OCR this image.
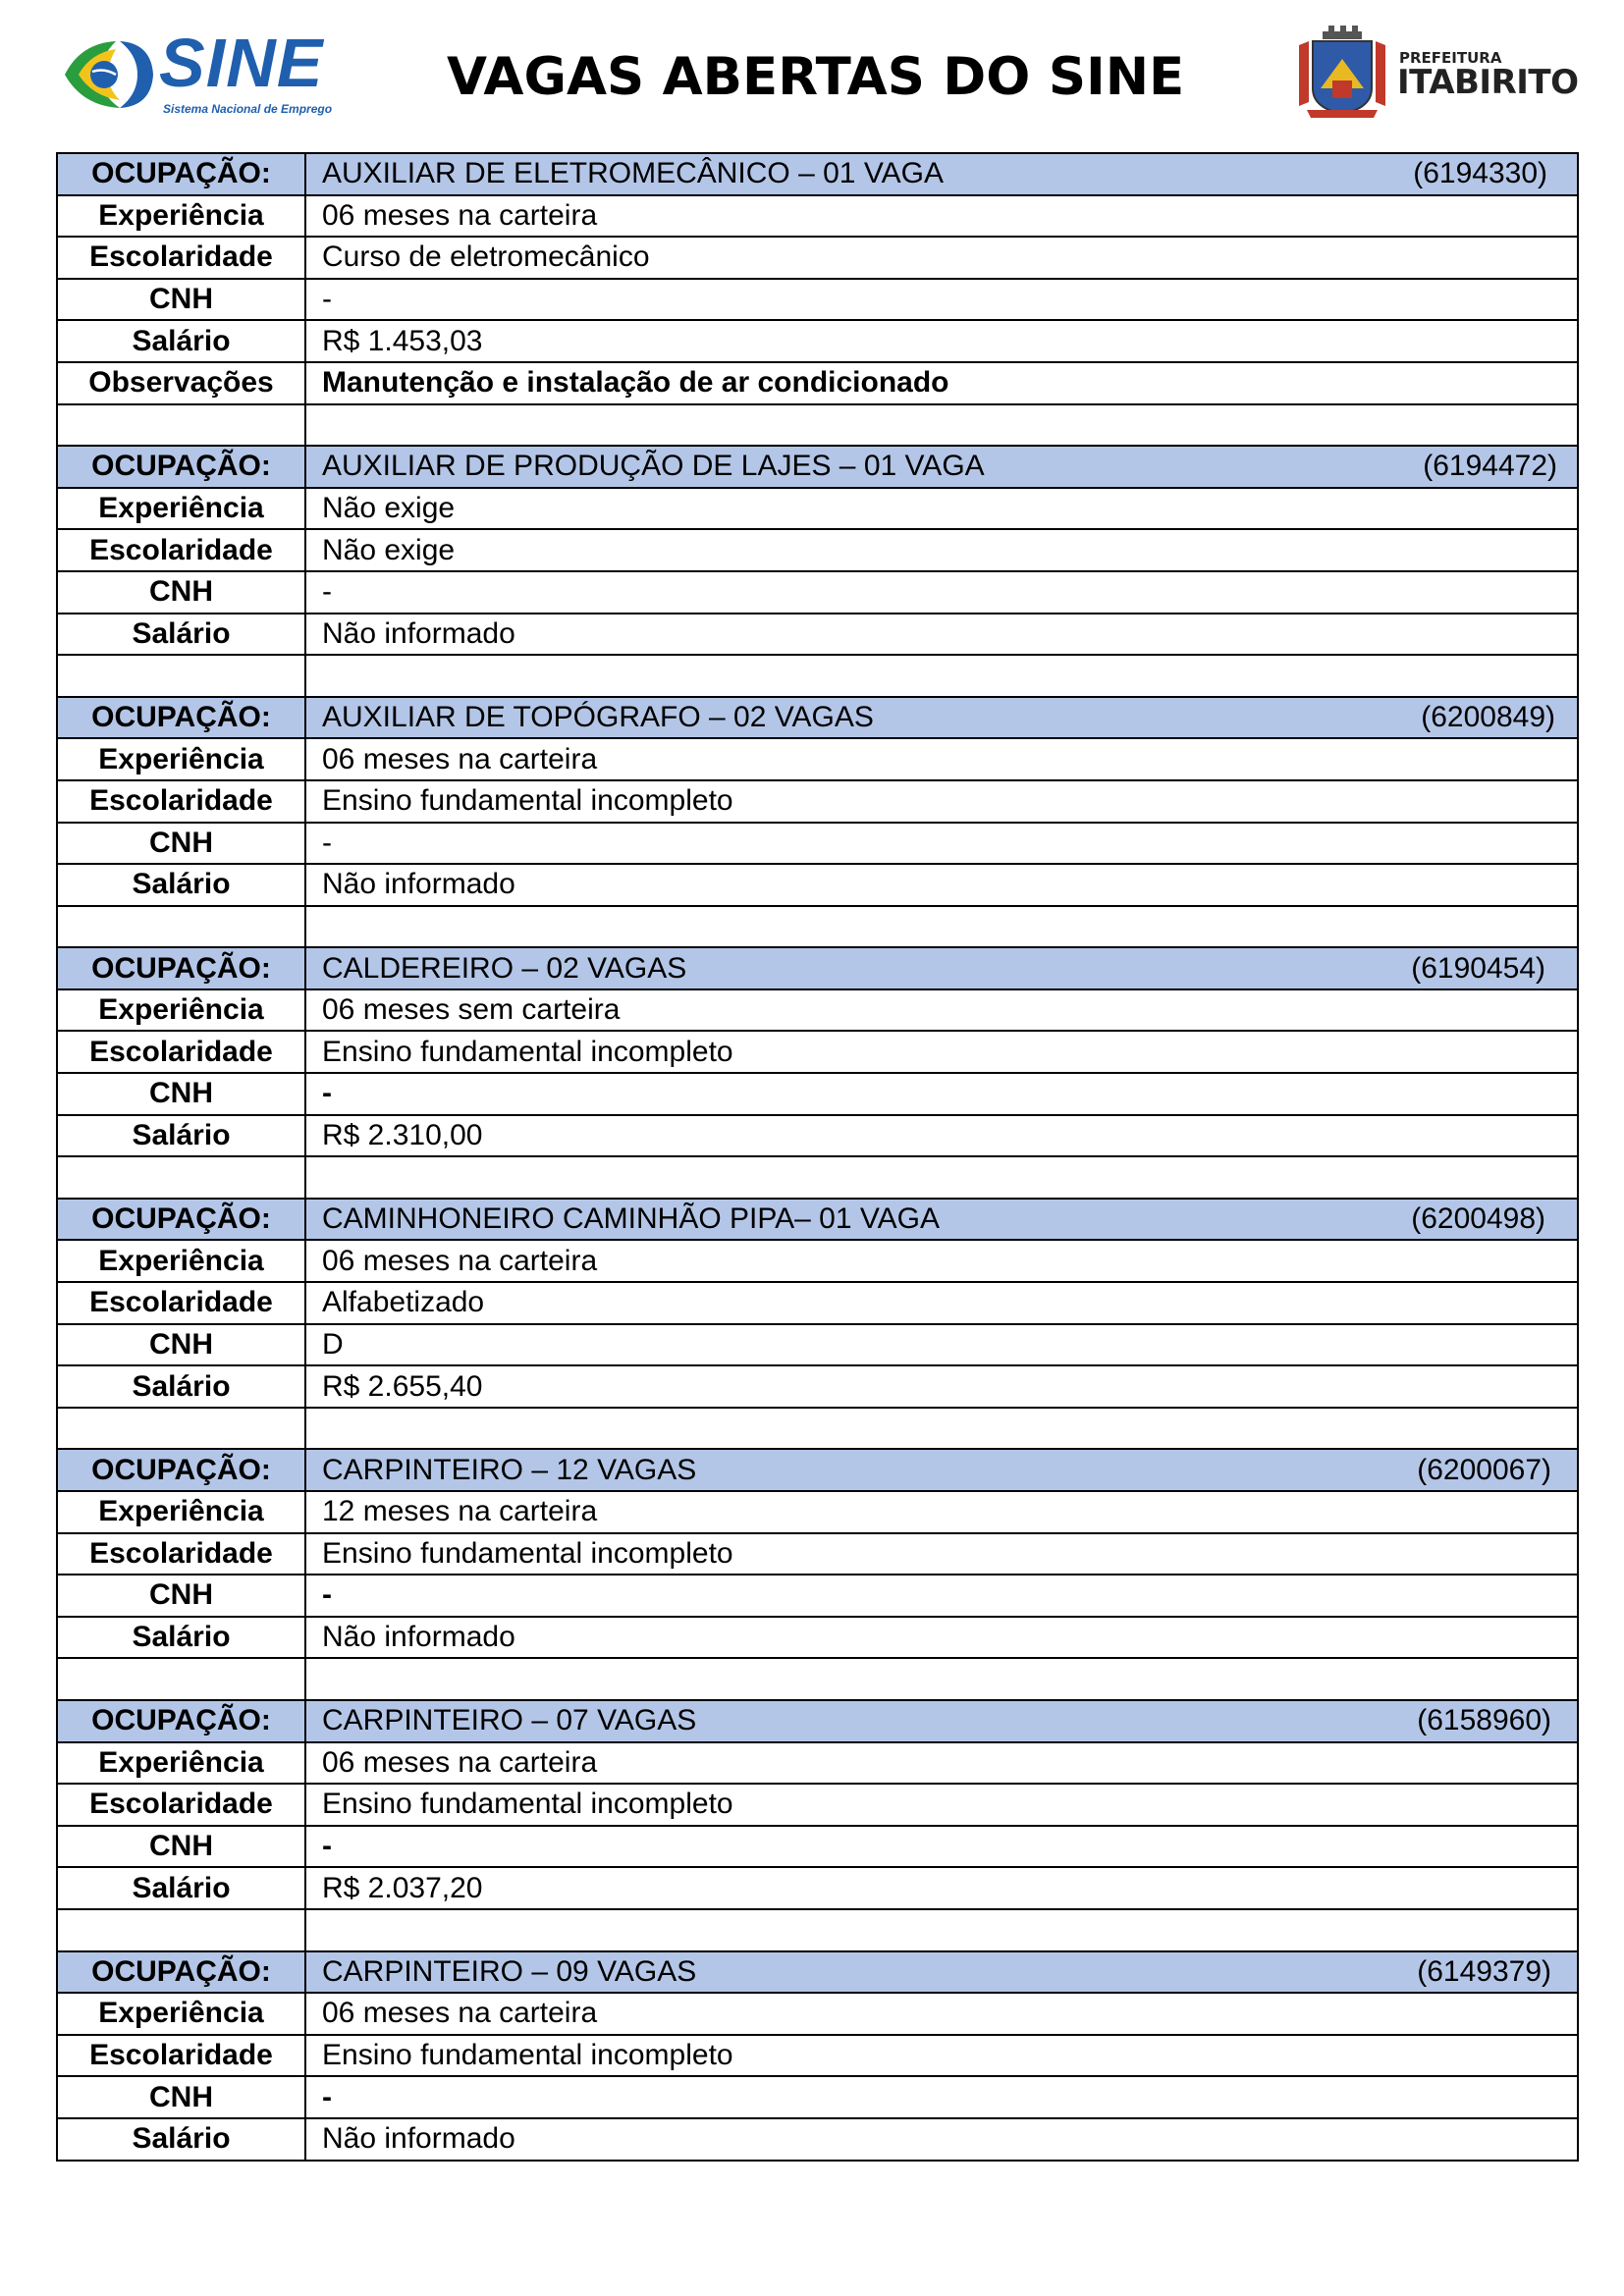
SINE
Sistema Nacional de Emprego
VAGAS ABERTAS DO SINE	PREFEITURA
ITABIRITO
OCUPAÇÃO:	AUXILIAR DE ELETROMECÂNICO – 01 VAGA (6194330)

Experiência	06 meses na carteira
Escolaridade	Curso de eletromecânico
CNH	-
Salário	R$ 1.453,03
Observações	Manutenção e instalação de ar condicionado

OCUPAÇÃO:	AUXILIAR DE PRODUÇÃO DE LAJES – 01 VAGA (6194472)

Experiência	Não exige
Escolaridade	Não exige
CNH	-
Salário	Não informado

OCUPAÇÃO:	AUXILIAR DE TOPÓGRAFO – 02 VAGAS (6200849)

Experiência	06 meses na carteira
Escolaridade	Ensino fundamental incompleto
CNH	-
Salário	Não informado

OCUPAÇÃO:	CALDEREIRO – 02 VAGAS (6190454)

Experiência	06 meses sem carteira
Escolaridade	Ensino fundamental incompleto
CNH	-
Salário	R$ 2.310,00

OCUPAÇÃO:	CAMINHONEIRO CAMINHÃO PIPA– 01 VAGA (6200498)

Experiência	06 meses na carteira
Escolaridade	Alfabetizado
CNH	D
Salário	R$ 2.655,40

OCUPAÇÃO:	CARPINTEIRO – 12 VAGAS (6200067)

Experiência	12 meses na carteira
Escolaridade	Ensino fundamental incompleto
CNH	-
Salário	Não informado

OCUPAÇÃO:	CARPINTEIRO – 07 VAGAS (6158960)

Experiência	06 meses na carteira
Escolaridade	Ensino fundamental incompleto
CNH	-
Salário	R$ 2.037,20

OCUPAÇÃO:	CARPINTEIRO – 09 VAGAS (6149379)

Experiência	06 meses na carteira
Escolaridade	Ensino fundamental incompleto
CNH	-
Salário	Não informado
